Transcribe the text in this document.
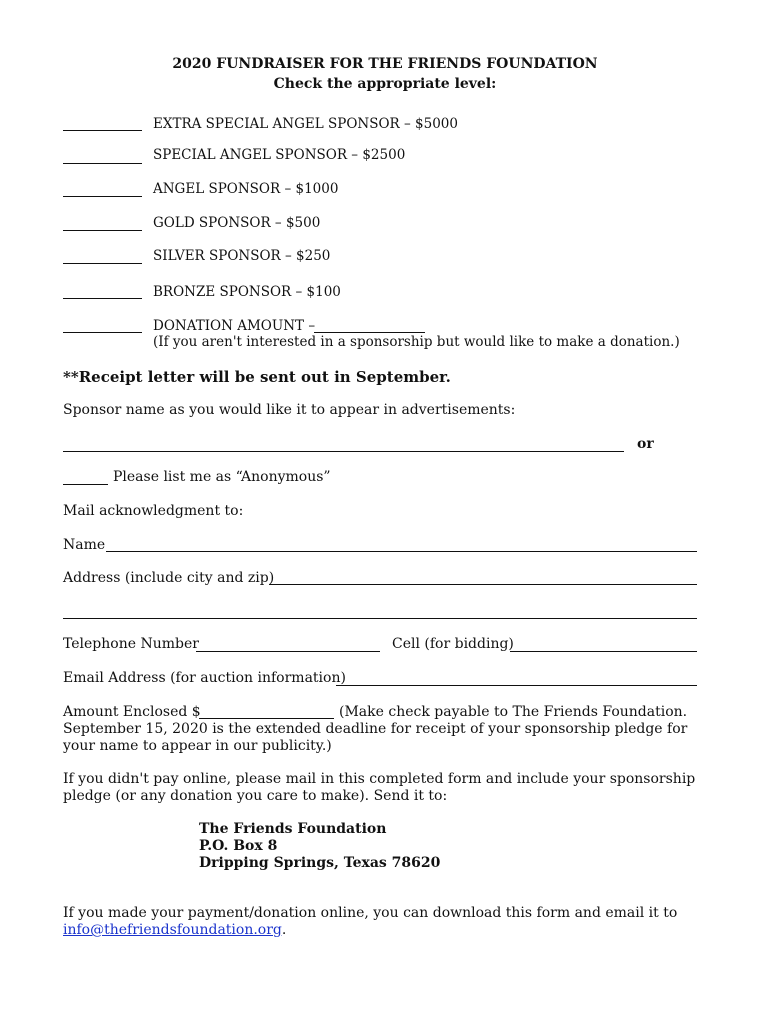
2020 FUNDRAISER FOR THE FRIENDS FOUNDATION
Check the appropriate level:
EXTRA SPECIAL ANGEL SPONSOR – $5000
SPECIAL ANGEL SPONSOR – $2500
ANGEL SPONSOR – $1000
GOLD SPONSOR – $500
SILVER SPONSOR – $250
BRONZE SPONSOR – $100
DONATION AMOUNT –
(If you aren't interested in a sponsorship but would like to make a donation.)
**Receipt letter will be sent out in September.
Sponsor name as you would like it to appear in advertisements:
or
Please list me as “Anonymous”
Mail acknowledgment to:
Name
Address (include city and zip)
Telephone Number	Cell (for bidding)
Email Address (for auction information)
Amount Enclosed $	(Make check payable to The Friends Foundation.
September 15, 2020 is the extended deadline for receipt of your sponsorship pledge for
your name to appear in our publicity.)
If you didn't pay online, please mail in this completed form and include your sponsorship
pledge (or any donation you care to make). Send it to:
The Friends Foundation
P.O. Box 8
Dripping Springs, Texas 78620
If you made your payment/donation online, you can download this form and email it to
info@thefriendsfoundation.org.
